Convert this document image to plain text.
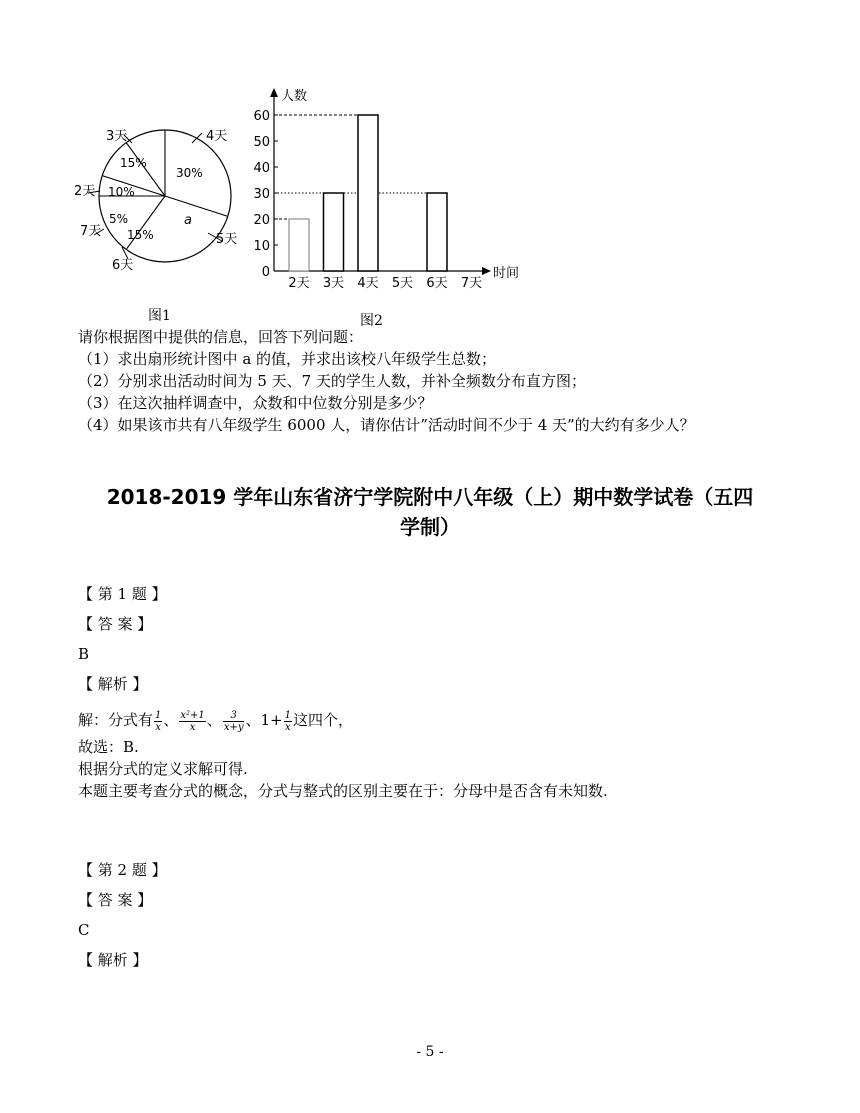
30%
a
15%
5%
10%
15%
4天
5天
6天
7天
2天
3天
图1
0
10
20
30
40
50
60
2天 3天 4天 5天 6天 7天
人数
时间
图2
请你根据图中提供的信息，回答下列问题：
（1）求出扇形统计图中 a 的值，并求出该校八年级学生总数；
（2）分别求出活动时间为 5 天、7 天的学生人数，并补全频数分布直方图；
（3）在这次抽样调查中，众数和中位数分别是多少？
（4）如果该市共有八年级学生 6000 人，请你估计”活动时间不少于 4 天”的大约有多少人？
2018-2019 学年山东省济宁学院附中八年级（上）期中数学试卷（五四
学制）
【 第 1 题 】
【 答 案 】
B
【 解析 】
解：分式有 $\frac{1}{x}$ 、 $\frac{\text{x²+1}}{x}$ 、 $\frac{3}{x+y}$ 、$1+ \frac{1}{x}$ 这四个，
故选：B.
根据分式的定义求解可得.
本题主要考查分式的概念，分式与整式的区别主要在于：分母中是否含有未知数.
【 第 2 题 】
【 答 案 】
C
【 解析 】
- 5 -
